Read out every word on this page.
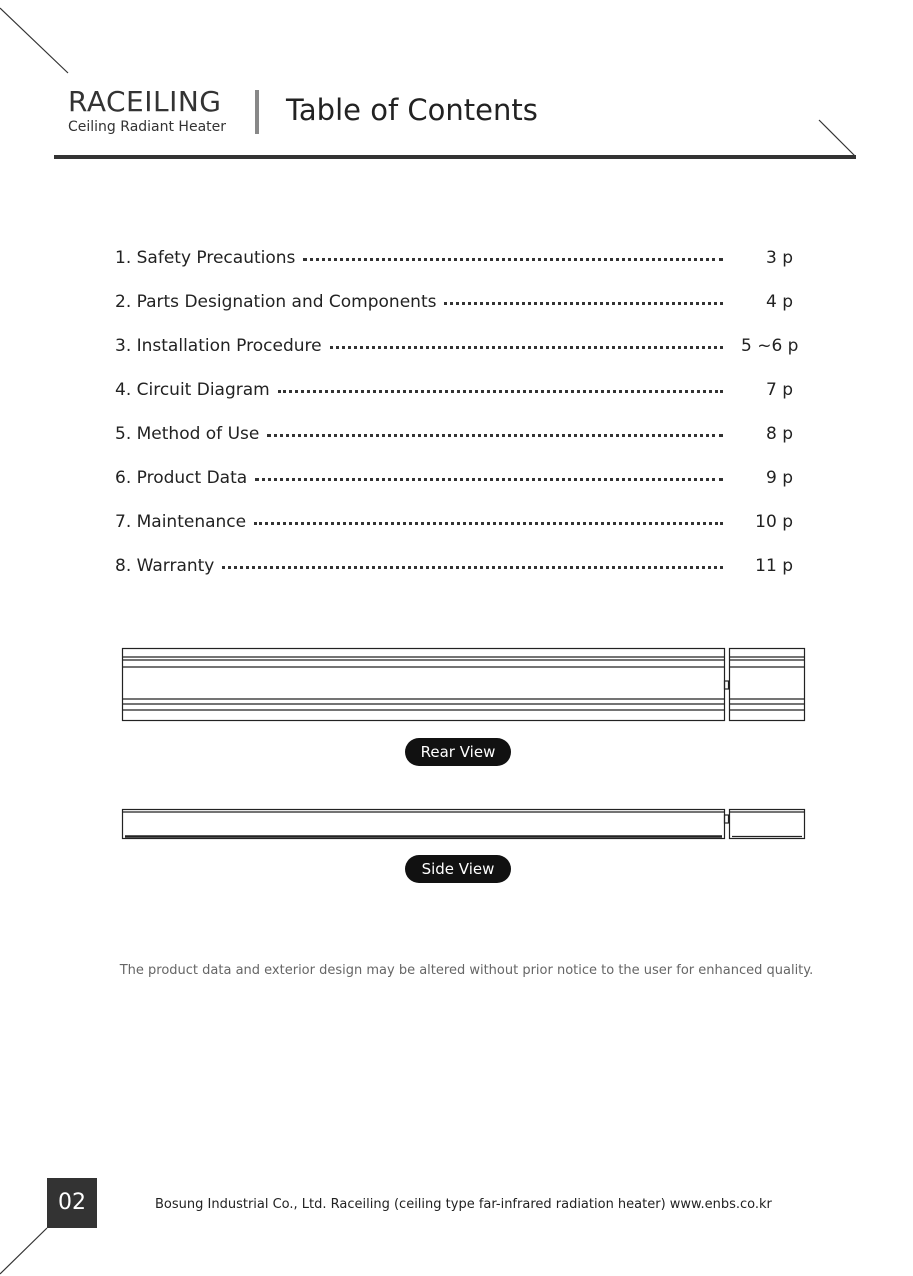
RACEILING
Ceiling Radiant Heater Table of Contents
1. Safety Precautions	3 p
2. Parts Designation and Components	4 p
3. Installation Procedure	5 ~6 p
4. Circuit Diagram	7 p
5. Method of Use	8 p
6. Product Data	9 p
7. Maintenance	10 p
8. Warranty	11 p
Rear View
Side View
The product data and exterior design may be altered without prior notice to the user for enhanced quality.
02	Bosung Industrial Co., Ltd. Raceiling (ceiling type far-infrared radiation heater) www.enbs.co.kr
